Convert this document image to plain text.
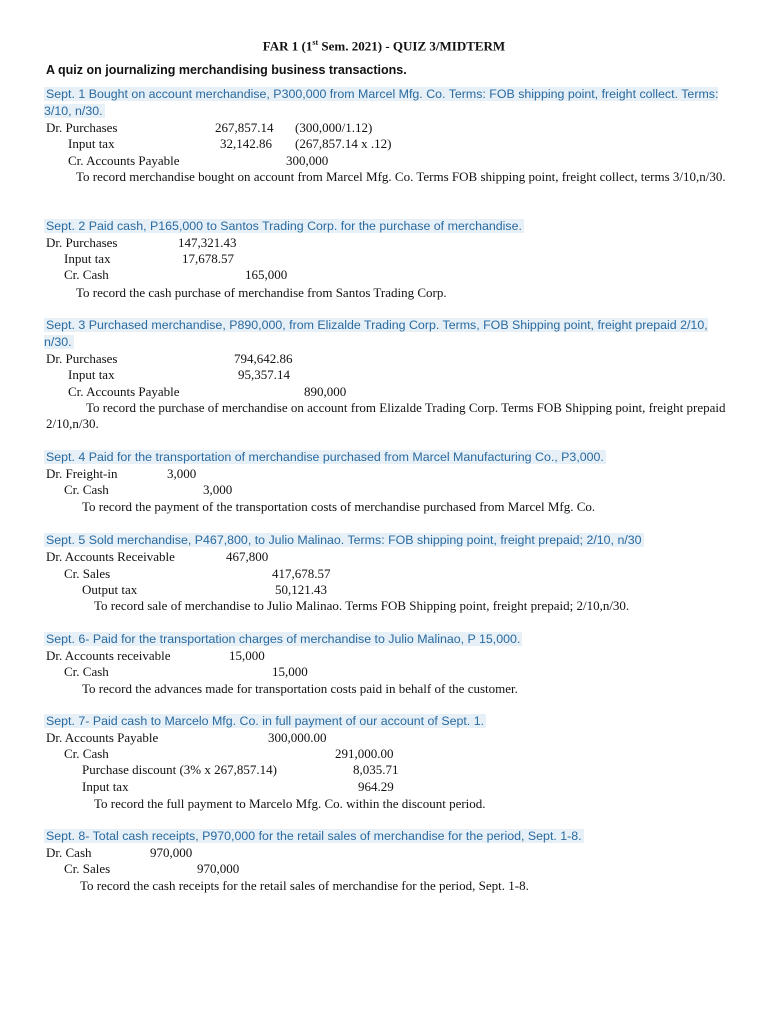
FAR 1 (1st Sem. 2021) - QUIZ 3/MIDTERM
A quiz on journalizing merchandising business transactions.
Sept. 1 Bought on account merchandise, P300,000 from Marcel Mfg. Co. Terms: FOB shipping point, freight collect. Terms: 3/10, n/30.
Dr. Purchases	267,857.14 (300,000/1.12)
Input tax	32,142.86 (267,857.14 x .12)
Cr. Accounts Payable	300,000
To record merchandise bought on account from Marcel Mfg. Co. Terms FOB shipping point, freight collect, terms 3/10,n/30.
Sept. 2 Paid cash, P165,000 to Santos Trading Corp. for the purchase of merchandise.
Dr. Purchases	147,321.43
Input tax	17,678.57
Cr. Cash	165,000
To record the cash purchase of merchandise from Santos Trading Corp.
Sept. 3 Purchased merchandise, P890,000, from Elizalde Trading Corp. Terms, FOB Shipping point, freight prepaid 2/10, n/30.
Dr. Purchases	794,642.86
Input tax	95,357.14
Cr. Accounts Payable	890,000
To record the purchase of merchandise on account from Elizalde Trading Corp. Terms FOB Shipping point, freight prepaid 2/10,n/30.
Sept. 4 Paid for the transportation of merchandise purchased from Marcel Manufacturing Co., P3,000.
Dr. Freight-in	3,000
Cr. Cash	3,000
To record the payment of the transportation costs of merchandise purchased from Marcel Mfg. Co.
Sept. 5 Sold merchandise, P467,800, to Julio Malinao. Terms: FOB shipping point, freight prepaid; 2/10, n/30
Dr. Accounts Receivable	467,800
Cr. Sales	417,678.57
Output tax	50,121.43
To record sale of merchandise to Julio Malinao. Terms FOB Shipping point, freight prepaid; 2/10,n/30.
Sept. 6- Paid for the transportation charges of merchandise to Julio Malinao, P 15,000.
Dr. Accounts receivable	15,000
Cr. Cash	15,000
To record the advances made for transportation costs paid in behalf of the customer.
Sept. 7- Paid cash to Marcelo Mfg. Co. in full payment of our account of Sept. 1.
Dr. Accounts Payable	300,000.00
Cr. Cash	291,000.00
Purchase discount (3% x 267,857.14)	8,035.71
Input tax	964.29
To record the full payment to Marcelo Mfg. Co. within the discount period.
Sept. 8- Total cash receipts, P970,000 for the retail sales of merchandise for the period, Sept. 1-8.
Dr. Cash	970,000
Cr. Sales	970,000
To record the cash receipts for the retail sales of merchandise for the period, Sept. 1-8.
